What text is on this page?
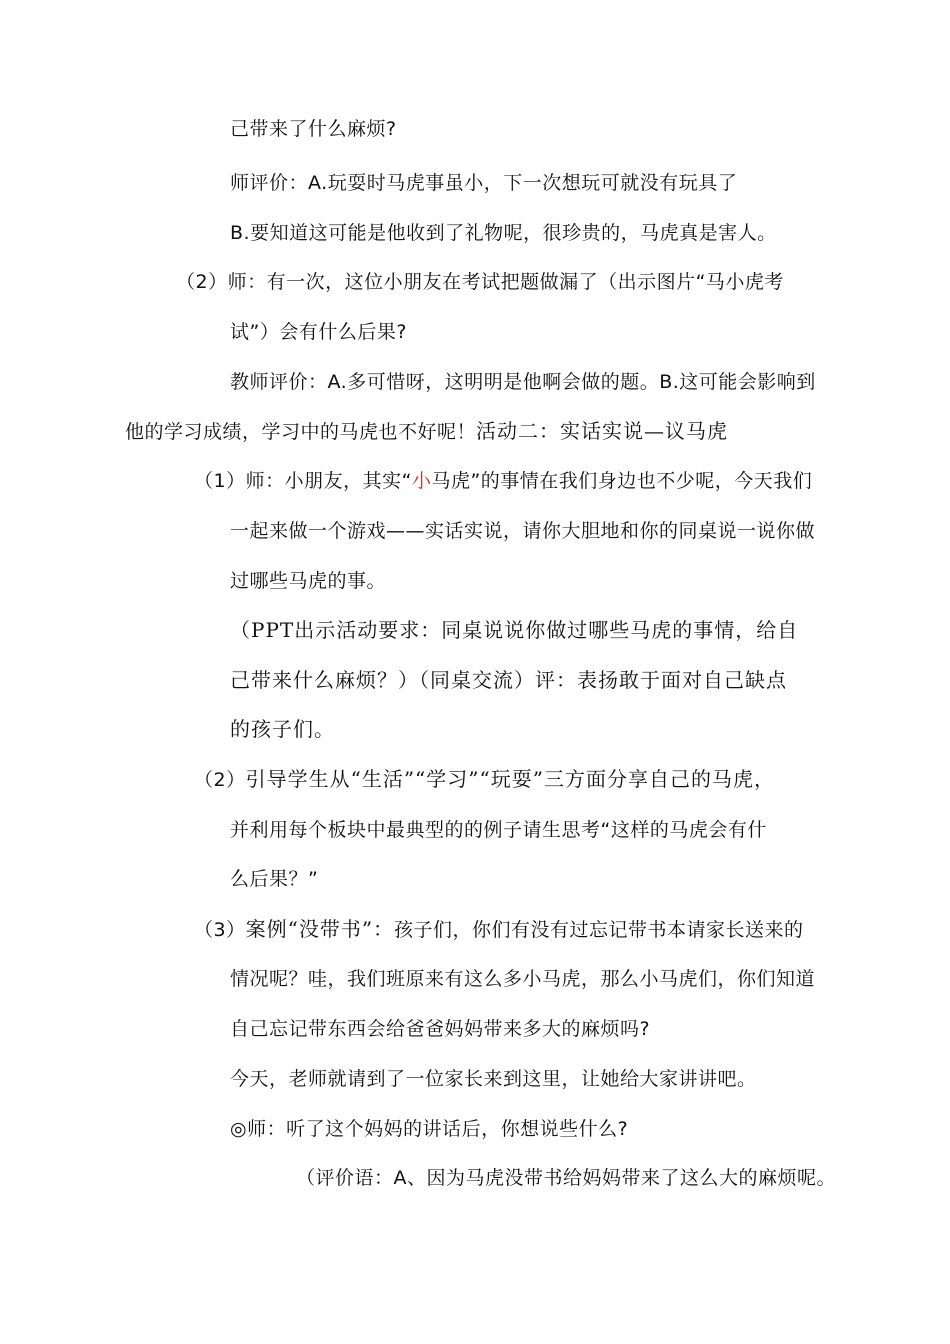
己带来了什么麻烦?
师评价：A.玩耍时马虎事虽小，下一次想玩可就没有玩具了
B.要知道这可能是他收到了礼物呢，很珍贵的，马虎真是害人。
（2）师：有一次，这位小朋友在考试把题做漏了（出示图片“马小虎考
试”）会有什么后果?
教师评价：A.多可惜呀，这明明是他啊会做的题。B.这可能会影响到
他的学习成绩，学习中的马虎也不好呢！活动二：实话实说—议马虎
（1）师：小朋友，其实“小马虎”的事情在我们身边也不少呢，今天我们
一起来做一个游戏——实话实说，请你大胆地和你的同桌说一说你做
过哪些马虎的事。
（PPT出示活动要求：同桌说说你做过哪些马虎的事情，给自
己带来什么麻烦？）（同桌交流）评：表扬敢于面对自己缺点
的孩子们。
（2）引导学生从“生活”“学习”“玩耍”三方面分享自己的马虎，
并利用每个板块中最典型的的例子请生思考“这样的马虎会有什
么后果？”
（3）案例“没带书”：孩子们，你们有没有过忘记带书本请家长送来的
情况呢？哇，我们班原来有这么多小马虎，那么小马虎们，你们知道
自己忘记带东西会给爸爸妈妈带来多大的麻烦吗?
今天，老师就请到了一位家长来到这里，让她给大家讲讲吧。
◎师：听了这个妈妈的讲话后，你想说些什么?
（评价语：A、因为马虎没带书给妈妈带来了这么大的麻烦呢。
